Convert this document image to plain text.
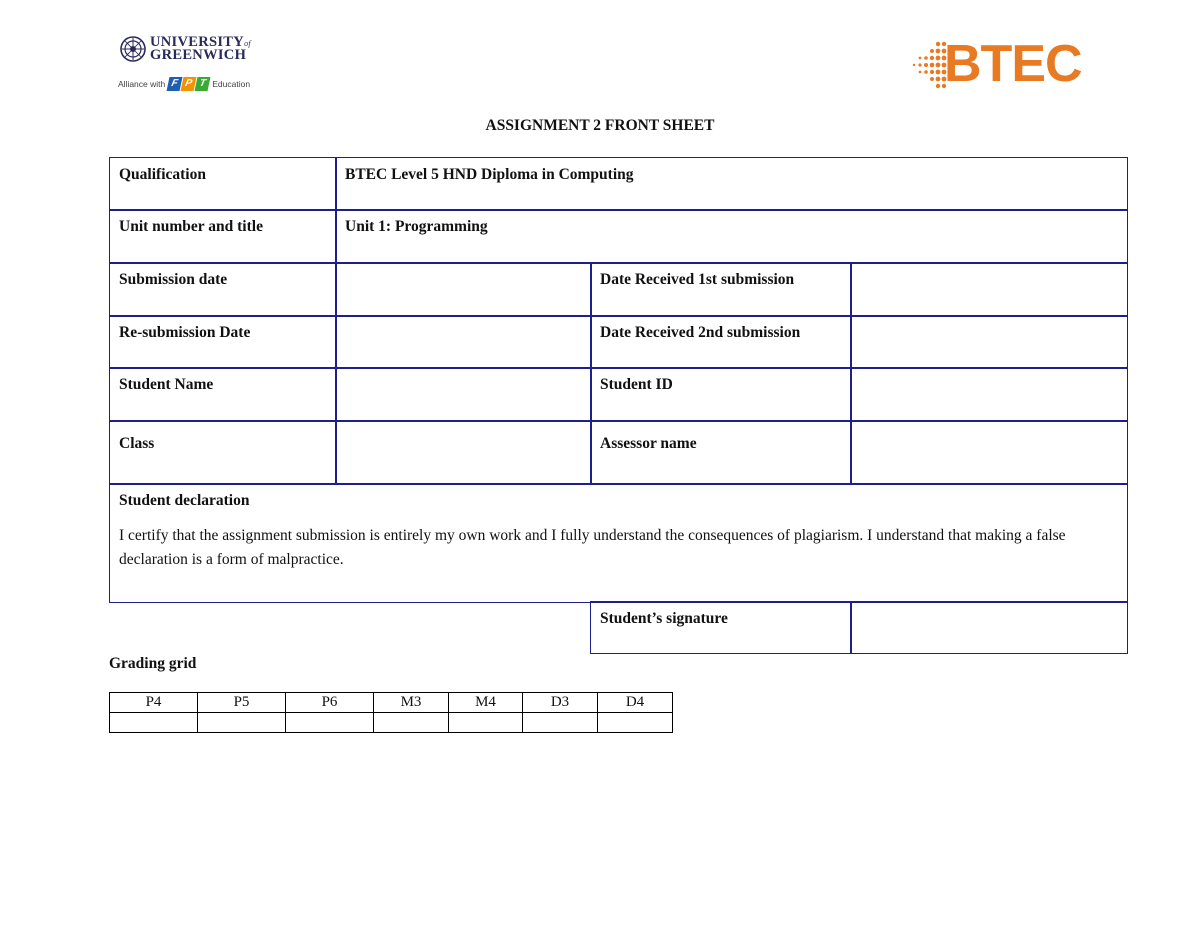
UNIVERSITYof
GREENWICH
Alliance with F P T Education	BTEC
ASSIGNMENT 2 FRONT SHEET
Qualification	BTEC Level 5 HND Diploma in Computing
Unit number and title	Unit 1: Programming
Submission date	Date Received 1st submission
Re-submission Date	Date Received 2nd submission
Student Name	Student ID
Class	Assessor name
Student declaration
I certify that the assignment submission is entirely my own work and I fully understand the consequences of plagiarism. I understand that making a false declaration is a form of malpractice.
Student’s signature
Grading grid
P4	P5	P6	M3	M4	D3	D4
